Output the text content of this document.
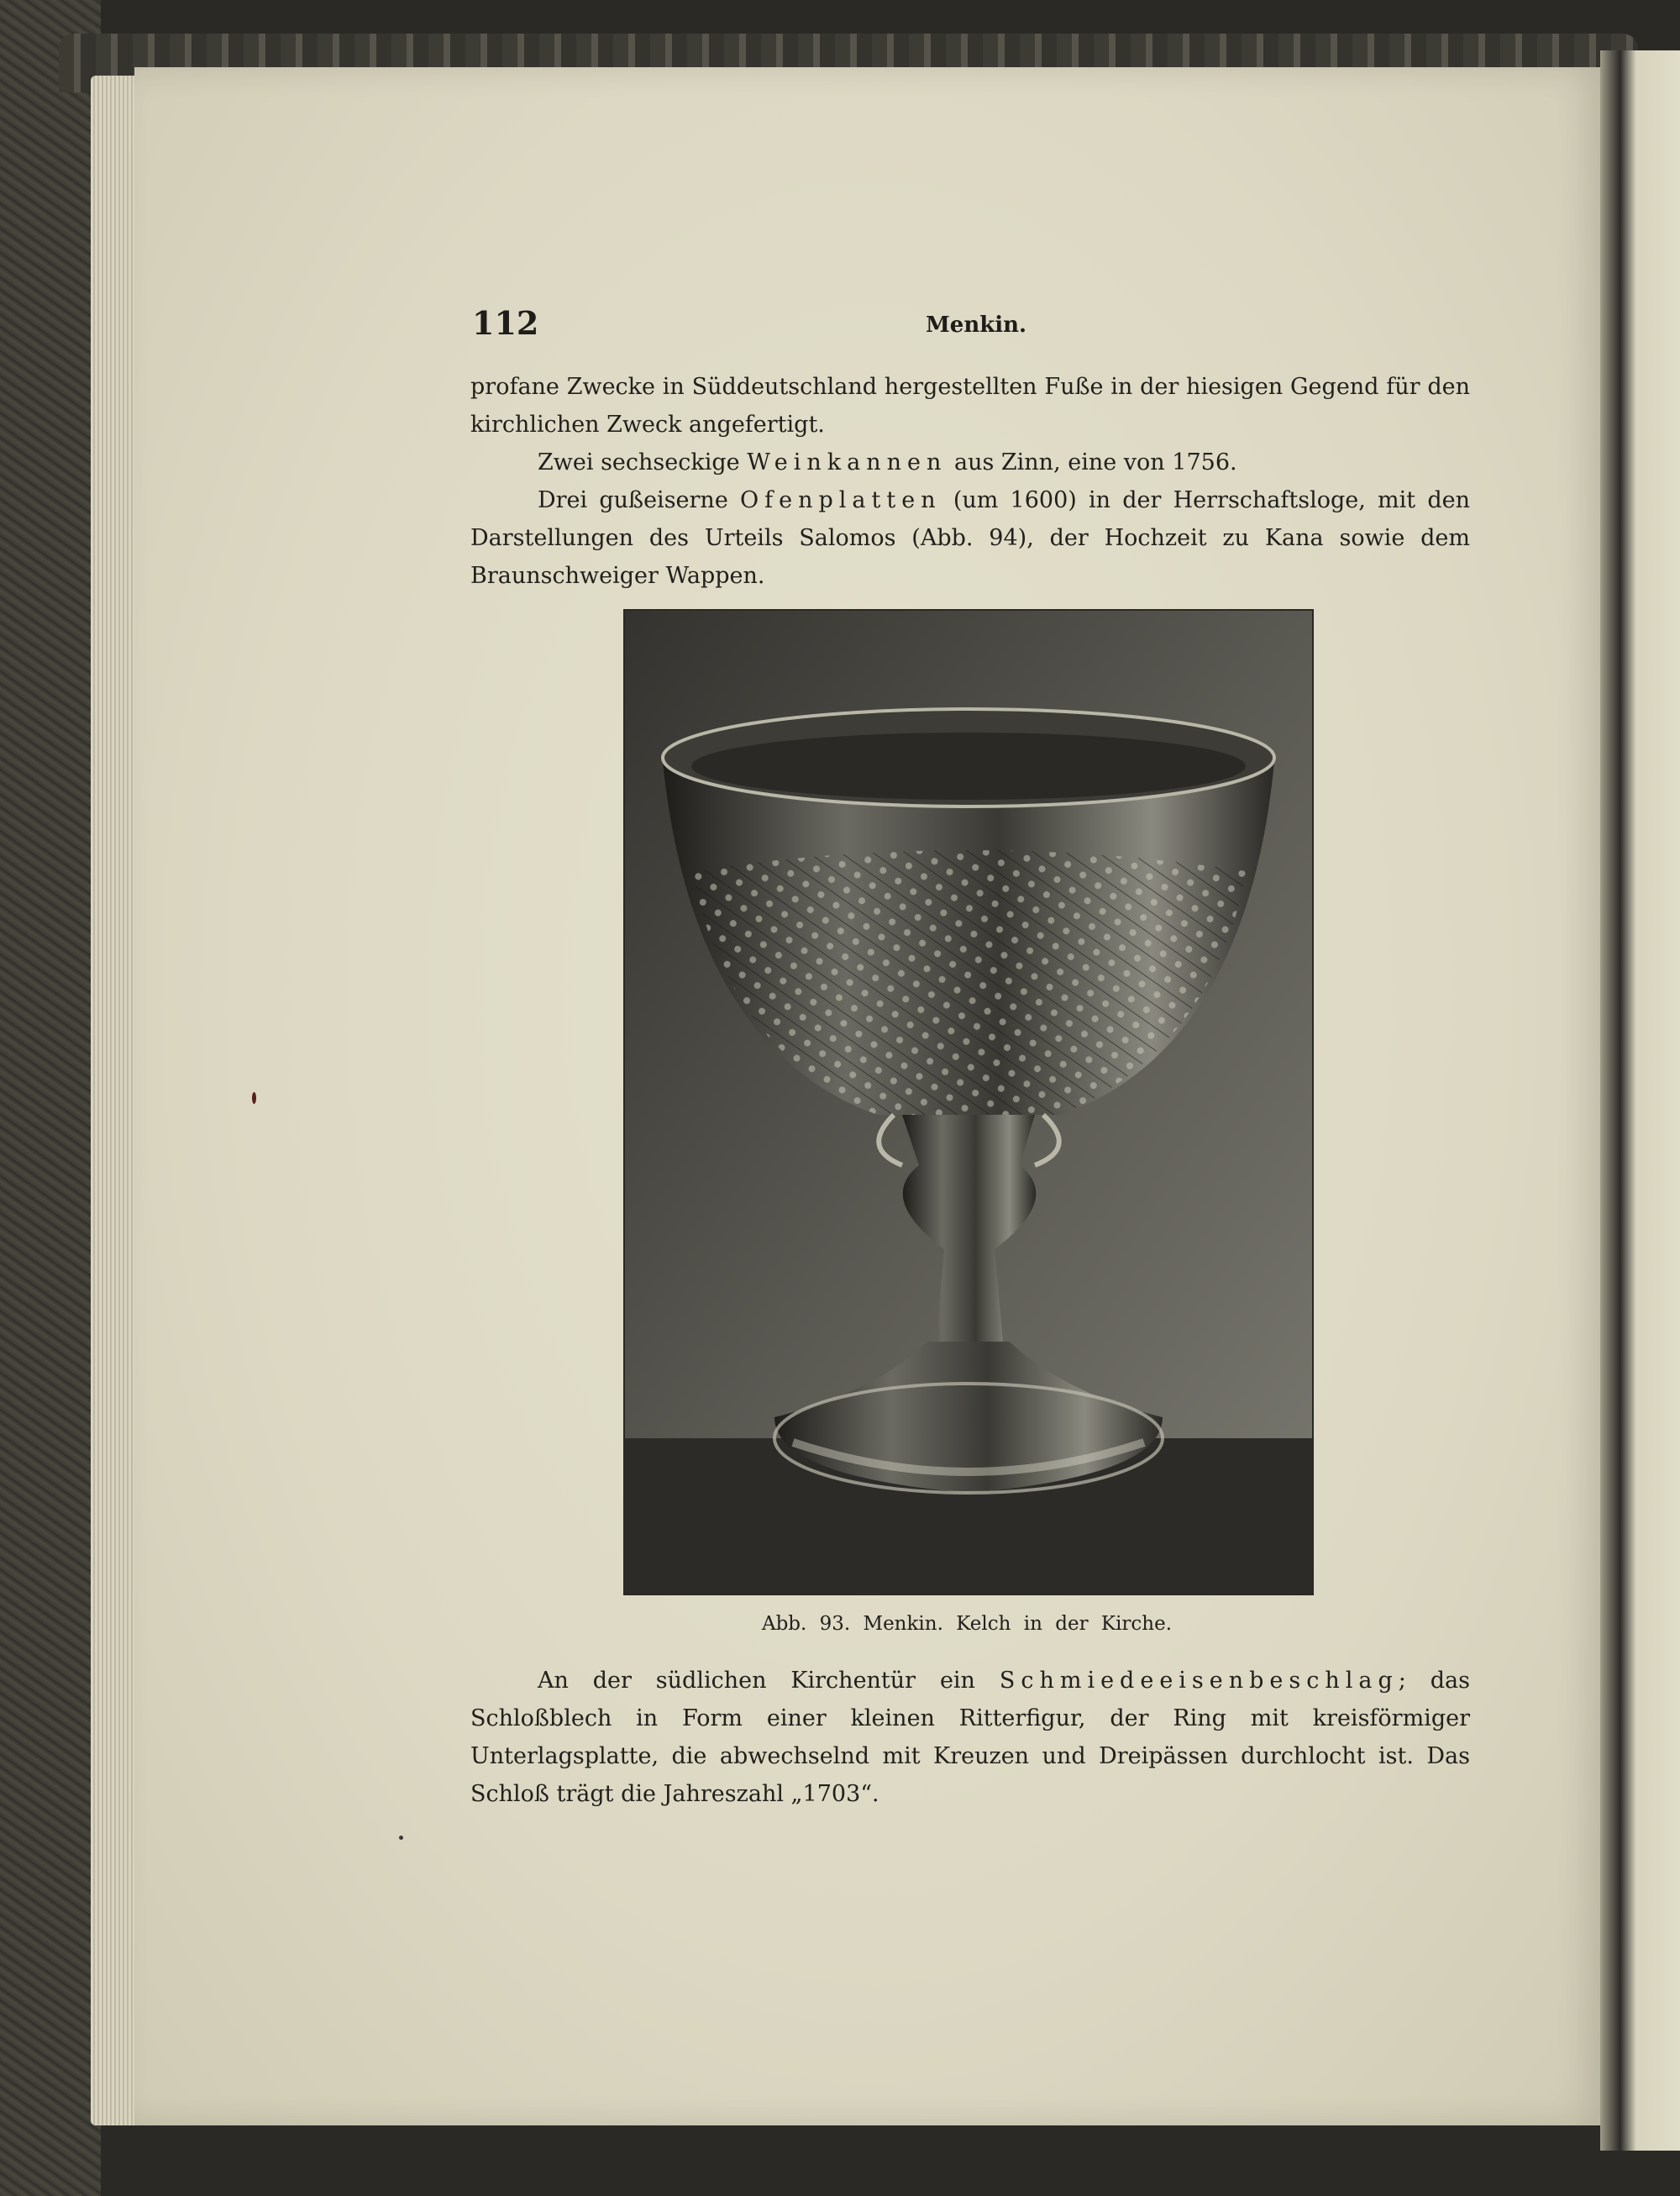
112	Menkin.

profane Zwecke in Süddeutschland hergestellten Fuße in der hiesigen Gegend für den kirchlichen Zweck angefertigt.

Zwei sechseckige Weinkannen aus Zinn, eine von 1756.

Drei gußeiserne Ofenplatten (um 1600) in der Herrschaftsloge, mit den Darstellungen des Urteils Salomos (Abb. 94), der Hochzeit zu Kana sowie dem Braunschweiger Wappen.

Abb. 93. Menkin. Kelch in der Kirche.

An der südlichen Kirchentür ein Schmiedeeisenbeschlag; das Schloßblech in Form einer kleinen Ritterfigur, der Ring mit kreisförmiger Unterlagsplatte, die abwechselnd mit Kreuzen und Dreipässen durchlocht ist. Das Schloß trägt die Jahreszahl „1703“.
